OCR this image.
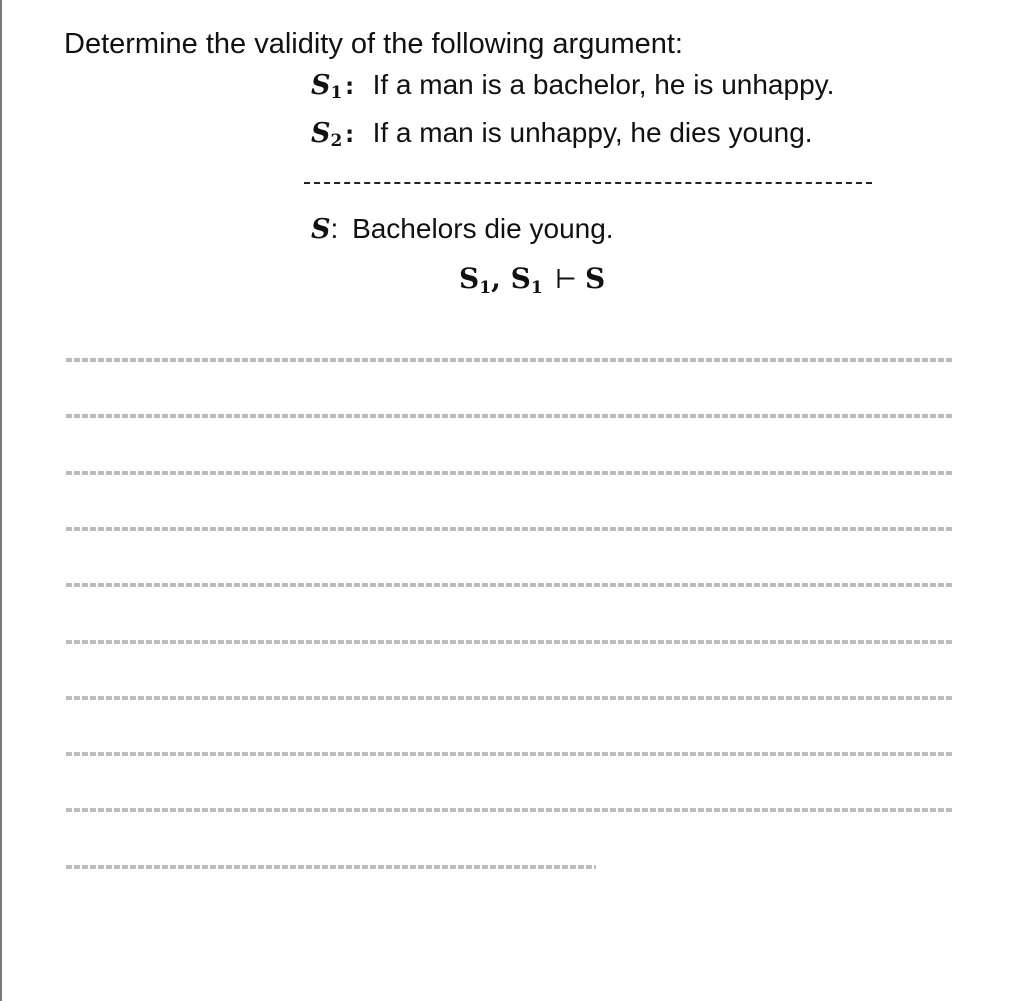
Determine the validity of the following argument:
$S_1$: If a man is a bachelor, he is unhappy.
$S_2$: If a man is unhappy, he dies young.
S: Bachelors die young.
$S_1$, $S_1$ ⊢ S
